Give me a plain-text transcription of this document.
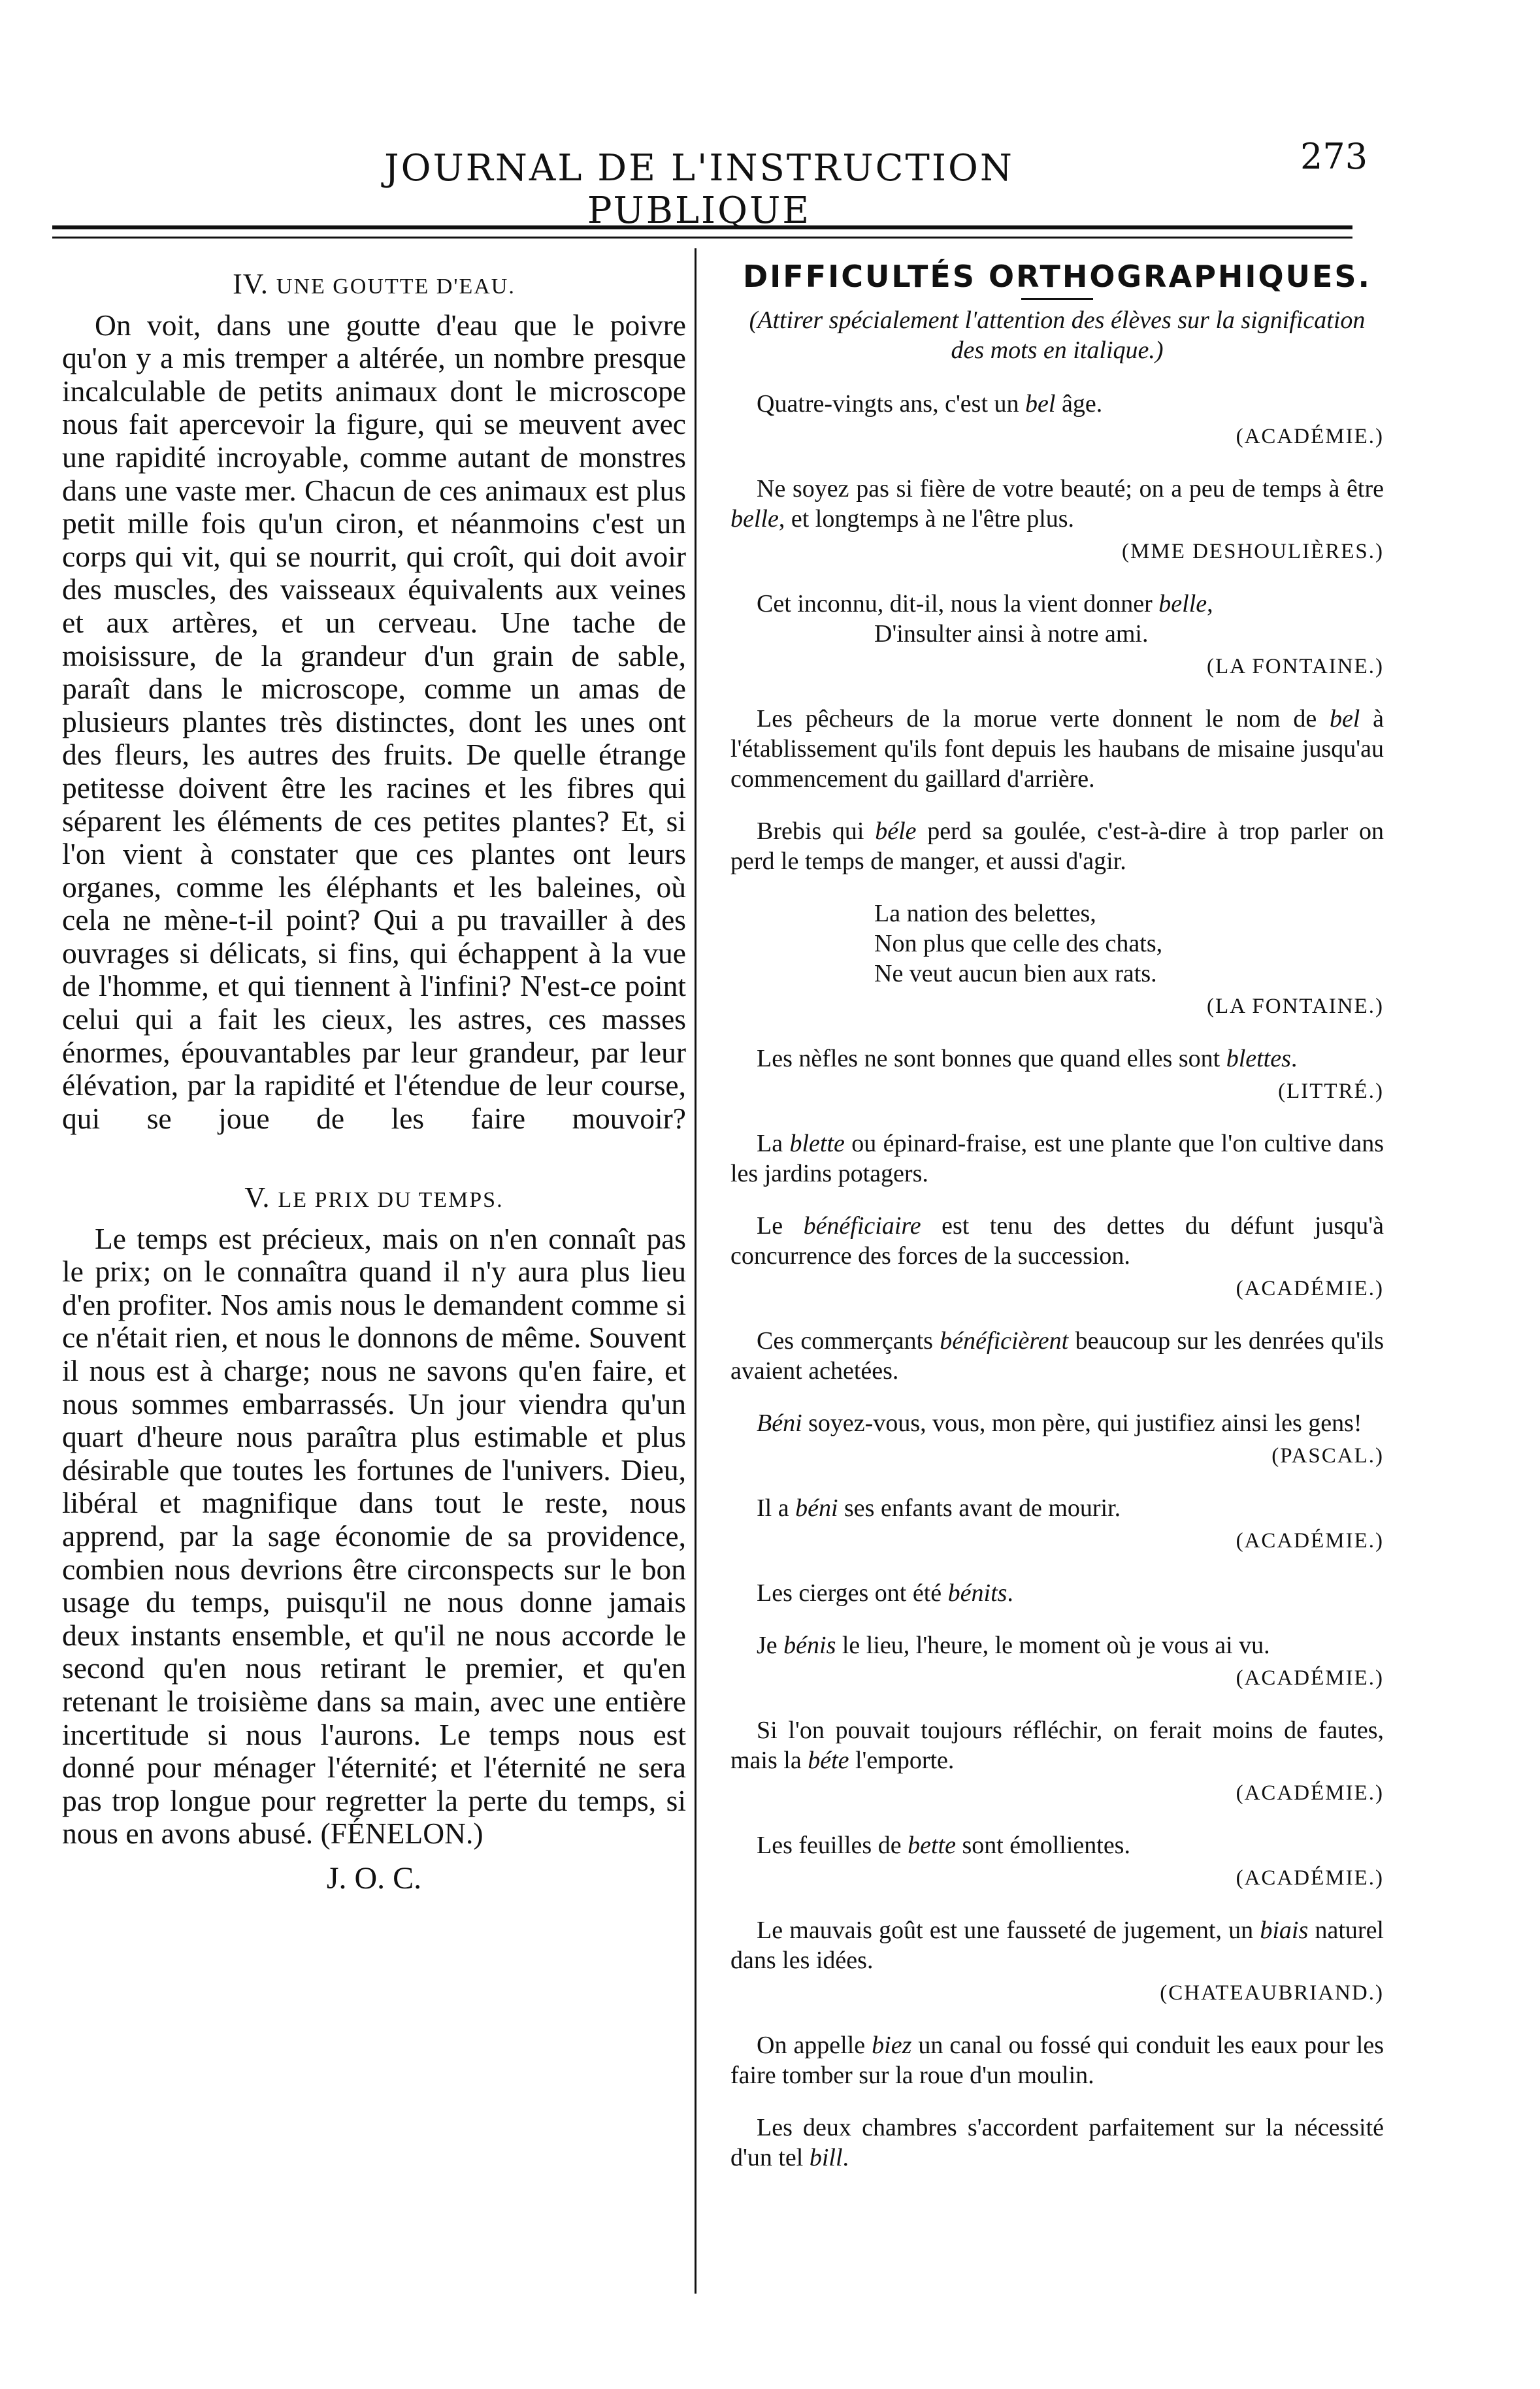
JOURNAL DE L'INSTRUCTION PUBLIQUE
273
IV. UNE GOUTTE D'EAU.

On voit, dans une goutte d'eau que le poivre qu'on y a mis tremper a altérée, un nombre presque incalculable de petits animaux dont le microscope nous fait apercevoir la figure, qui se meuvent avec une rapidité incroyable, comme autant de monstres dans une vaste mer. Chacun de ces animaux est plus petit mille fois qu'un ciron, et néanmoins c'est un corps qui vit, qui se nourrit, qui croît, qui doit avoir des muscles, des vaisseaux équivalents aux veines et aux artères, et un cerveau. Une tache de moisissure, de la grandeur d'un grain de sable, paraît dans le microscope, comme un amas de plusieurs plantes très distinctes, dont les unes ont des fleurs, les autres des fruits. De quelle étrange petitesse doivent être les racines et les fibres qui séparent les éléments de ces petites plantes? Et, si l'on vient à constater que ces plantes ont leurs organes, comme les éléphants et les baleines, où cela ne mène-t-il point? Qui a pu travailler à des ouvrages si délicats, si fins, qui échappent à la vue de l'homme, et qui tiennent à l'infini? N'est-ce point celui qui a fait les cieux, les astres, ces masses énormes, épouvantables par leur grandeur, par leur élévation, par la rapidité et l'étendue de leur course, qui se joue de les faire mouvoir?

V. LE PRIX DU TEMPS.

Le temps est précieux, mais on n'en connaît pas le prix; on le connaîtra quand il n'y aura plus lieu d'en profiter. Nos amis nous le demandent comme si ce n'était rien, et nous le donnons de même. Souvent il nous est à charge; nous ne savons qu'en faire, et nous sommes embarrassés. Un jour viendra qu'un quart d'heure nous paraîtra plus estimable et plus désirable que toutes les fortunes de l'univers. Dieu, libéral et magnifique dans tout le reste, nous apprend, par la sage économie de sa providence, combien nous devrions être circonspects sur le bon usage du temps, puisqu'il ne nous donne jamais deux instants ensemble, et qu'il ne nous accorde le second qu'en nous retirant le premier, et qu'en retenant le troisième dans sa main, avec une entière incertitude si nous l'aurons. Le temps nous est donné pour ménager l'éternité; et l'éternité ne sera pas trop longue pour regretter la perte du temps, si nous en avons abusé. (FÉNELON.)

J. O. C.
DIFFICULTÉS ORTHOGRAPHIQUES.

(Attirer spécialement l'attention des élèves sur la signification des mots en italique.)

Quatre-vingts ans, c'est un bel âge.

(ACADÉMIE.)

Ne soyez pas si fière de votre beauté; on a peu de temps à être belle, et longtemps à ne l'être plus.

(MME DESHOULIÈRES.)

Cet inconnu, dit-il, nous la vient donner belle,

D'insulter ainsi à notre ami.
(LA FONTAINE.)

Les pêcheurs de la morue verte donnent le nom de bel à l'établissement qu'ils font depuis les haubans de misaine jusqu'au commencement du gaillard d'arrière.

Brebis qui béle perd sa goulée, c'est-à-dire à trop parler on perd le temps de manger, et aussi d'agir.

La nation des belettes,
Non plus que celle des chats,
Ne veut aucun bien aux rats.
(LA FONTAINE.)

Les nèfles ne sont bonnes que quand elles sont blettes.

(LITTRÉ.)

La blette ou épinard-fraise, est une plante que l'on cultive dans les jardins potagers.

Le bénéficiaire est tenu des dettes du défunt jusqu'à concurrence des forces de la succession.

(ACADÉMIE.)

Ces commerçants bénéficièrent beaucoup sur les denrées qu'ils avaient achetées.

Béni soyez-vous, vous, mon père, qui justifiez ainsi les gens!

(PASCAL.)

Il a béni ses enfants avant de mourir.

(ACADÉMIE.)

Les cierges ont été bénits.

Je bénis le lieu, l'heure, le moment où je vous ai vu.

(ACADÉMIE.)

Si l'on pouvait toujours réfléchir, on ferait moins de fautes, mais la béte l'emporte.

(ACADÉMIE.)

Les feuilles de bette sont émollientes.

(ACADÉMIE.)

Le mauvais goût est une fausseté de jugement, un biais naturel dans les idées.

(CHATEAUBRIAND.)

On appelle biez un canal ou fossé qui conduit les eaux pour les faire tomber sur la roue d'un moulin.

Les deux chambres s'accordent parfaitement sur la nécessité d'un tel bill.
